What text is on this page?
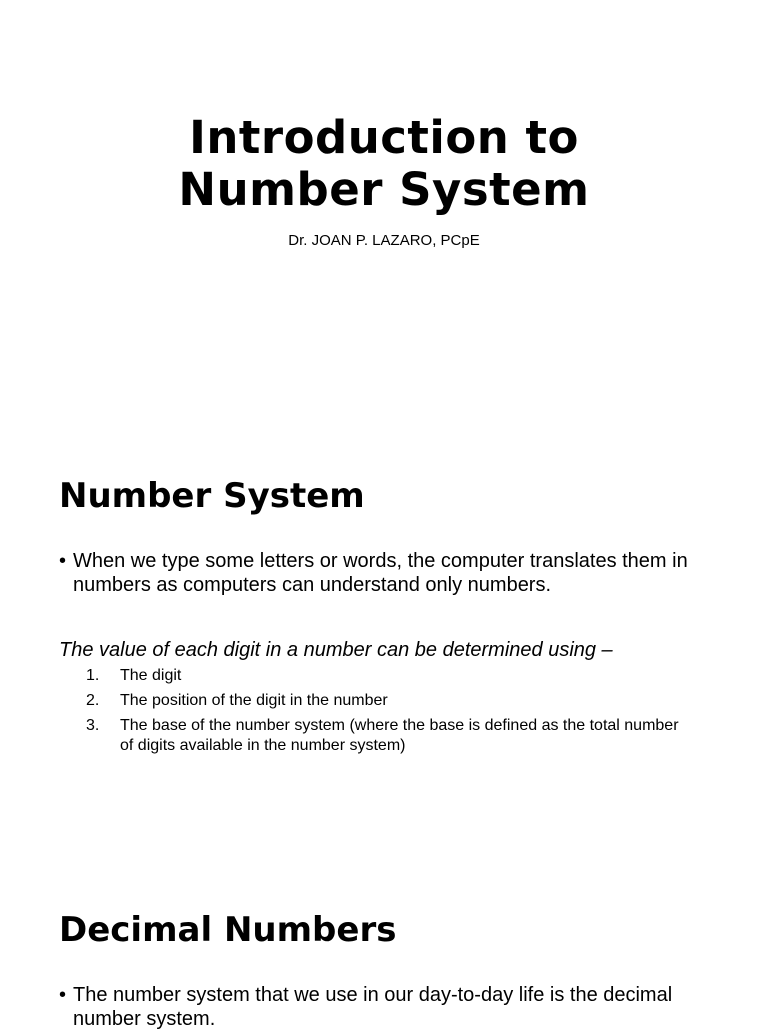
Introduction to
Number System

Dr. JOAN P. LAZARO, PCpE

Number System

• When we type some letters or words, the computer translates them in numbers as computers can understand only numbers.

The value of each digit in a number can be determined using –

1. The digit
2. The position of the digit in the number
3. The base of the number system (where the base is defined as the total number of digits available in the number system)
Decimal Numbers

• The number system that we use in our day-to-day life is the decimal number system.
